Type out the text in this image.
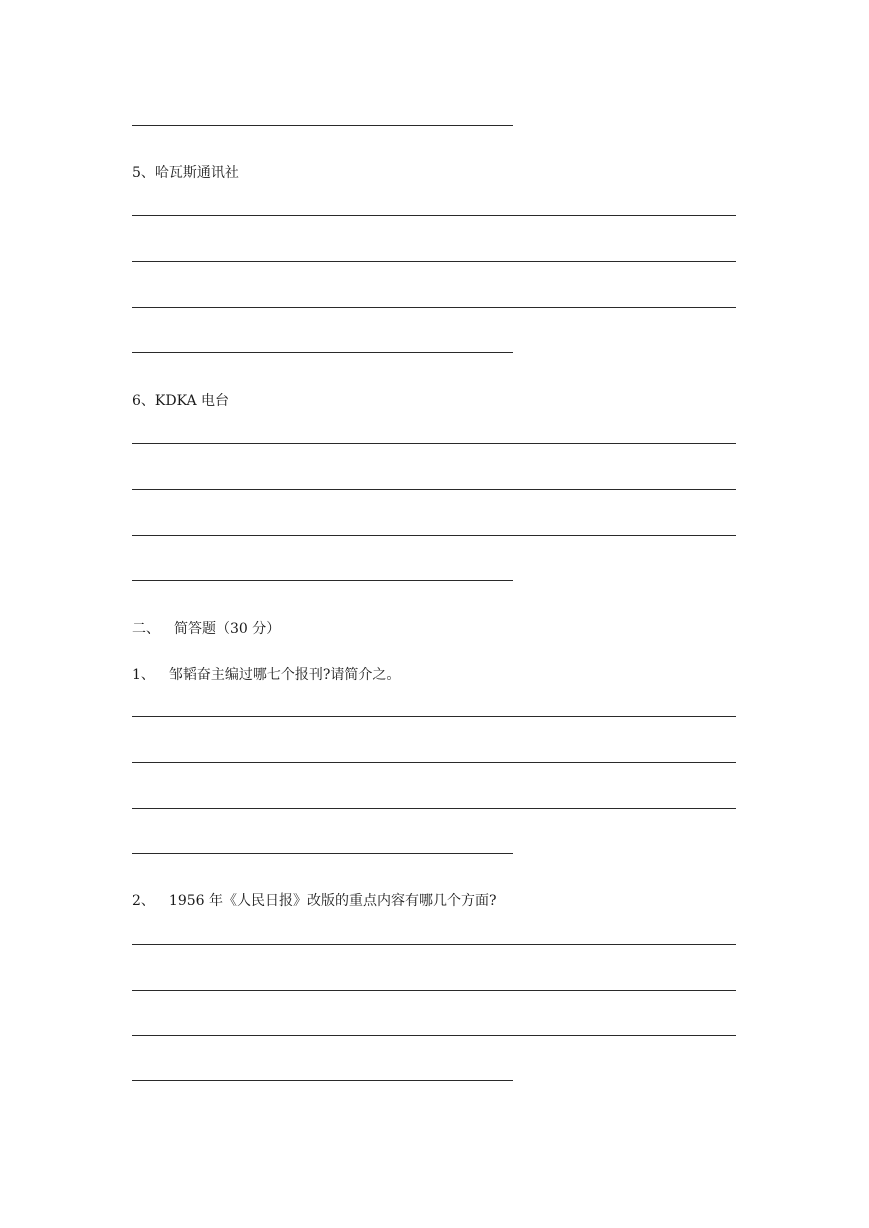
5、哈瓦斯通讯社
6、KDKA 电台
二、 简答题（30 分）
1、 邹韬奋主编过哪七个报刊?请简介之。
2、 1956 年《人民日报》改版的重点内容有哪几个方面?
